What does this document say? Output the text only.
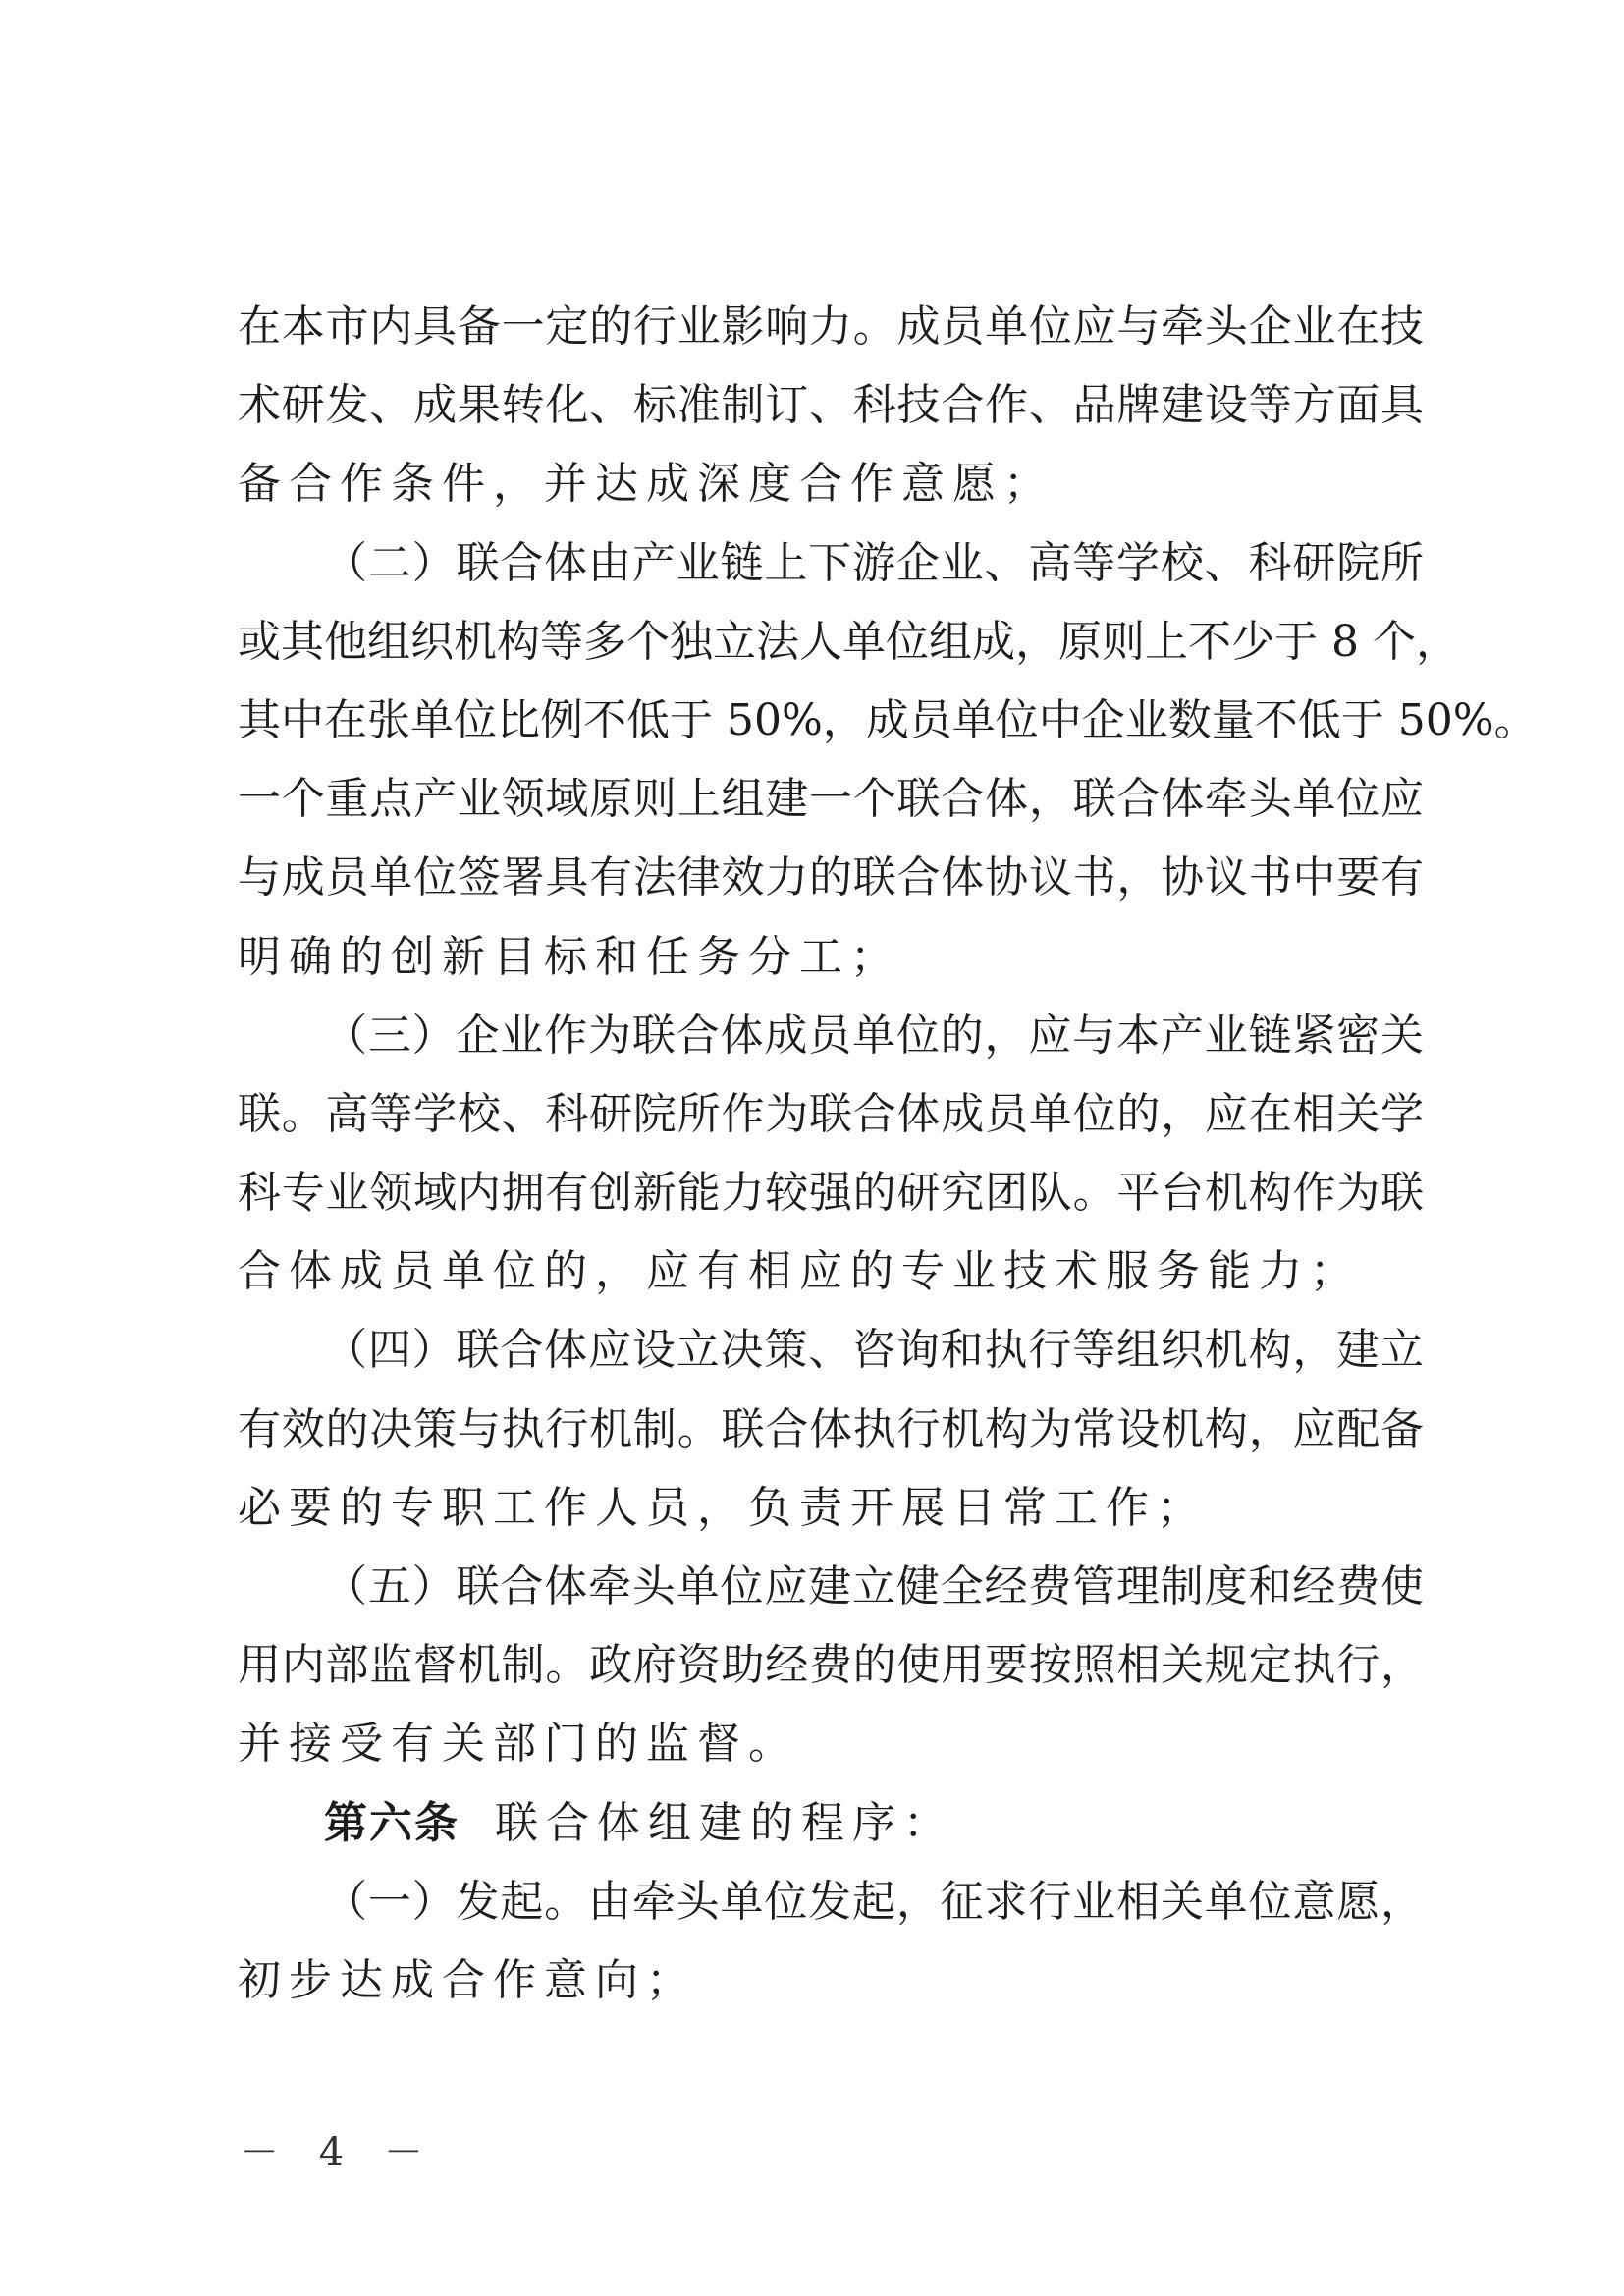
在本市内具备一定的行业影响力。成员单位应与牵头企业在技
术研发、成果转化、标准制订、科技合作、品牌建设等方面具
备合作条件，并达成深度合作意愿；
（二）联合体由产业链上下游企业、高等学校、科研院所
或其他组织机构等多个独立法人单位组成，原则上不少于 8 个，
其中在张单位比例不低于 50%，成员单位中企业数量不低于 50%。
一个重点产业领域原则上组建一个联合体，联合体牵头单位应
与成员单位签署具有法律效力的联合体协议书，协议书中要有
明确的创新目标和任务分工；
（三）企业作为联合体成员单位的，应与本产业链紧密关
联。高等学校、科研院所作为联合体成员单位的，应在相关学
科专业领域内拥有创新能力较强的研究团队。平台机构作为联
合体成员单位的，应有相应的专业技术服务能力；
（四）联合体应设立决策、咨询和执行等组织机构，建立
有效的决策与执行机制。联合体执行机构为常设机构，应配备
必要的专职工作人员，负责开展日常工作；
（五）联合体牵头单位应建立健全经费管理制度和经费使
用内部监督机制。政府资助经费的使用要按照相关规定执行，
并接受有关部门的监督。
第六条 联合体组建的程序：
（一）发起。由牵头单位发起，征求行业相关单位意愿，
初步达成合作意向；
－ 4 －
